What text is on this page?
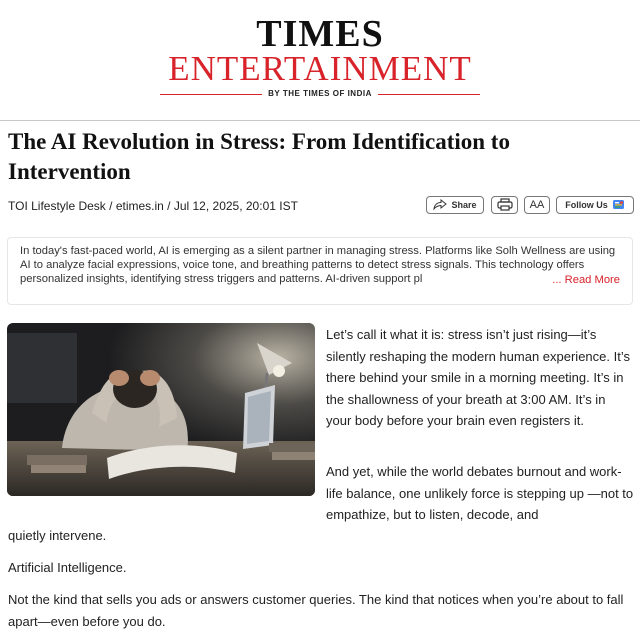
TIMES
ENTERTAINMENT
BY THE TIMES OF INDIA
The AI Revolution in Stress: From Identification to Intervention
TOI Lifestyle Desk / etimes.in / Jul 12, 2025, 20:01 IST	Share	AA	Follow Us
In today's fast-paced world, AI is emerging as a silent partner in managing stress. Platforms like Solh Wellness are using AI to analyze facial expressions, voice tone, and breathing patterns to detect stress signals. This technology offers personalized insights, identifying stress triggers and patterns. AI-driven support pl	... Read More

Let’s call it what it is: stress isn’t just rising—it’s silently reshaping the modern human experience. It’s there behind your smile in a morning meeting. It’s in the shallowness of your breath at 3:00 AM. It’s in your body before your brain even registers it.

And yet, while the world debates burnout and work-life balance, one unlikely force is stepping up —not to empathize, but to listen, decode, and

quietly intervene.

Artificial Intelligence.

Not the kind that sells you ads or answers customer queries. The kind that notices when you’re about to fall apart—even before you do.
